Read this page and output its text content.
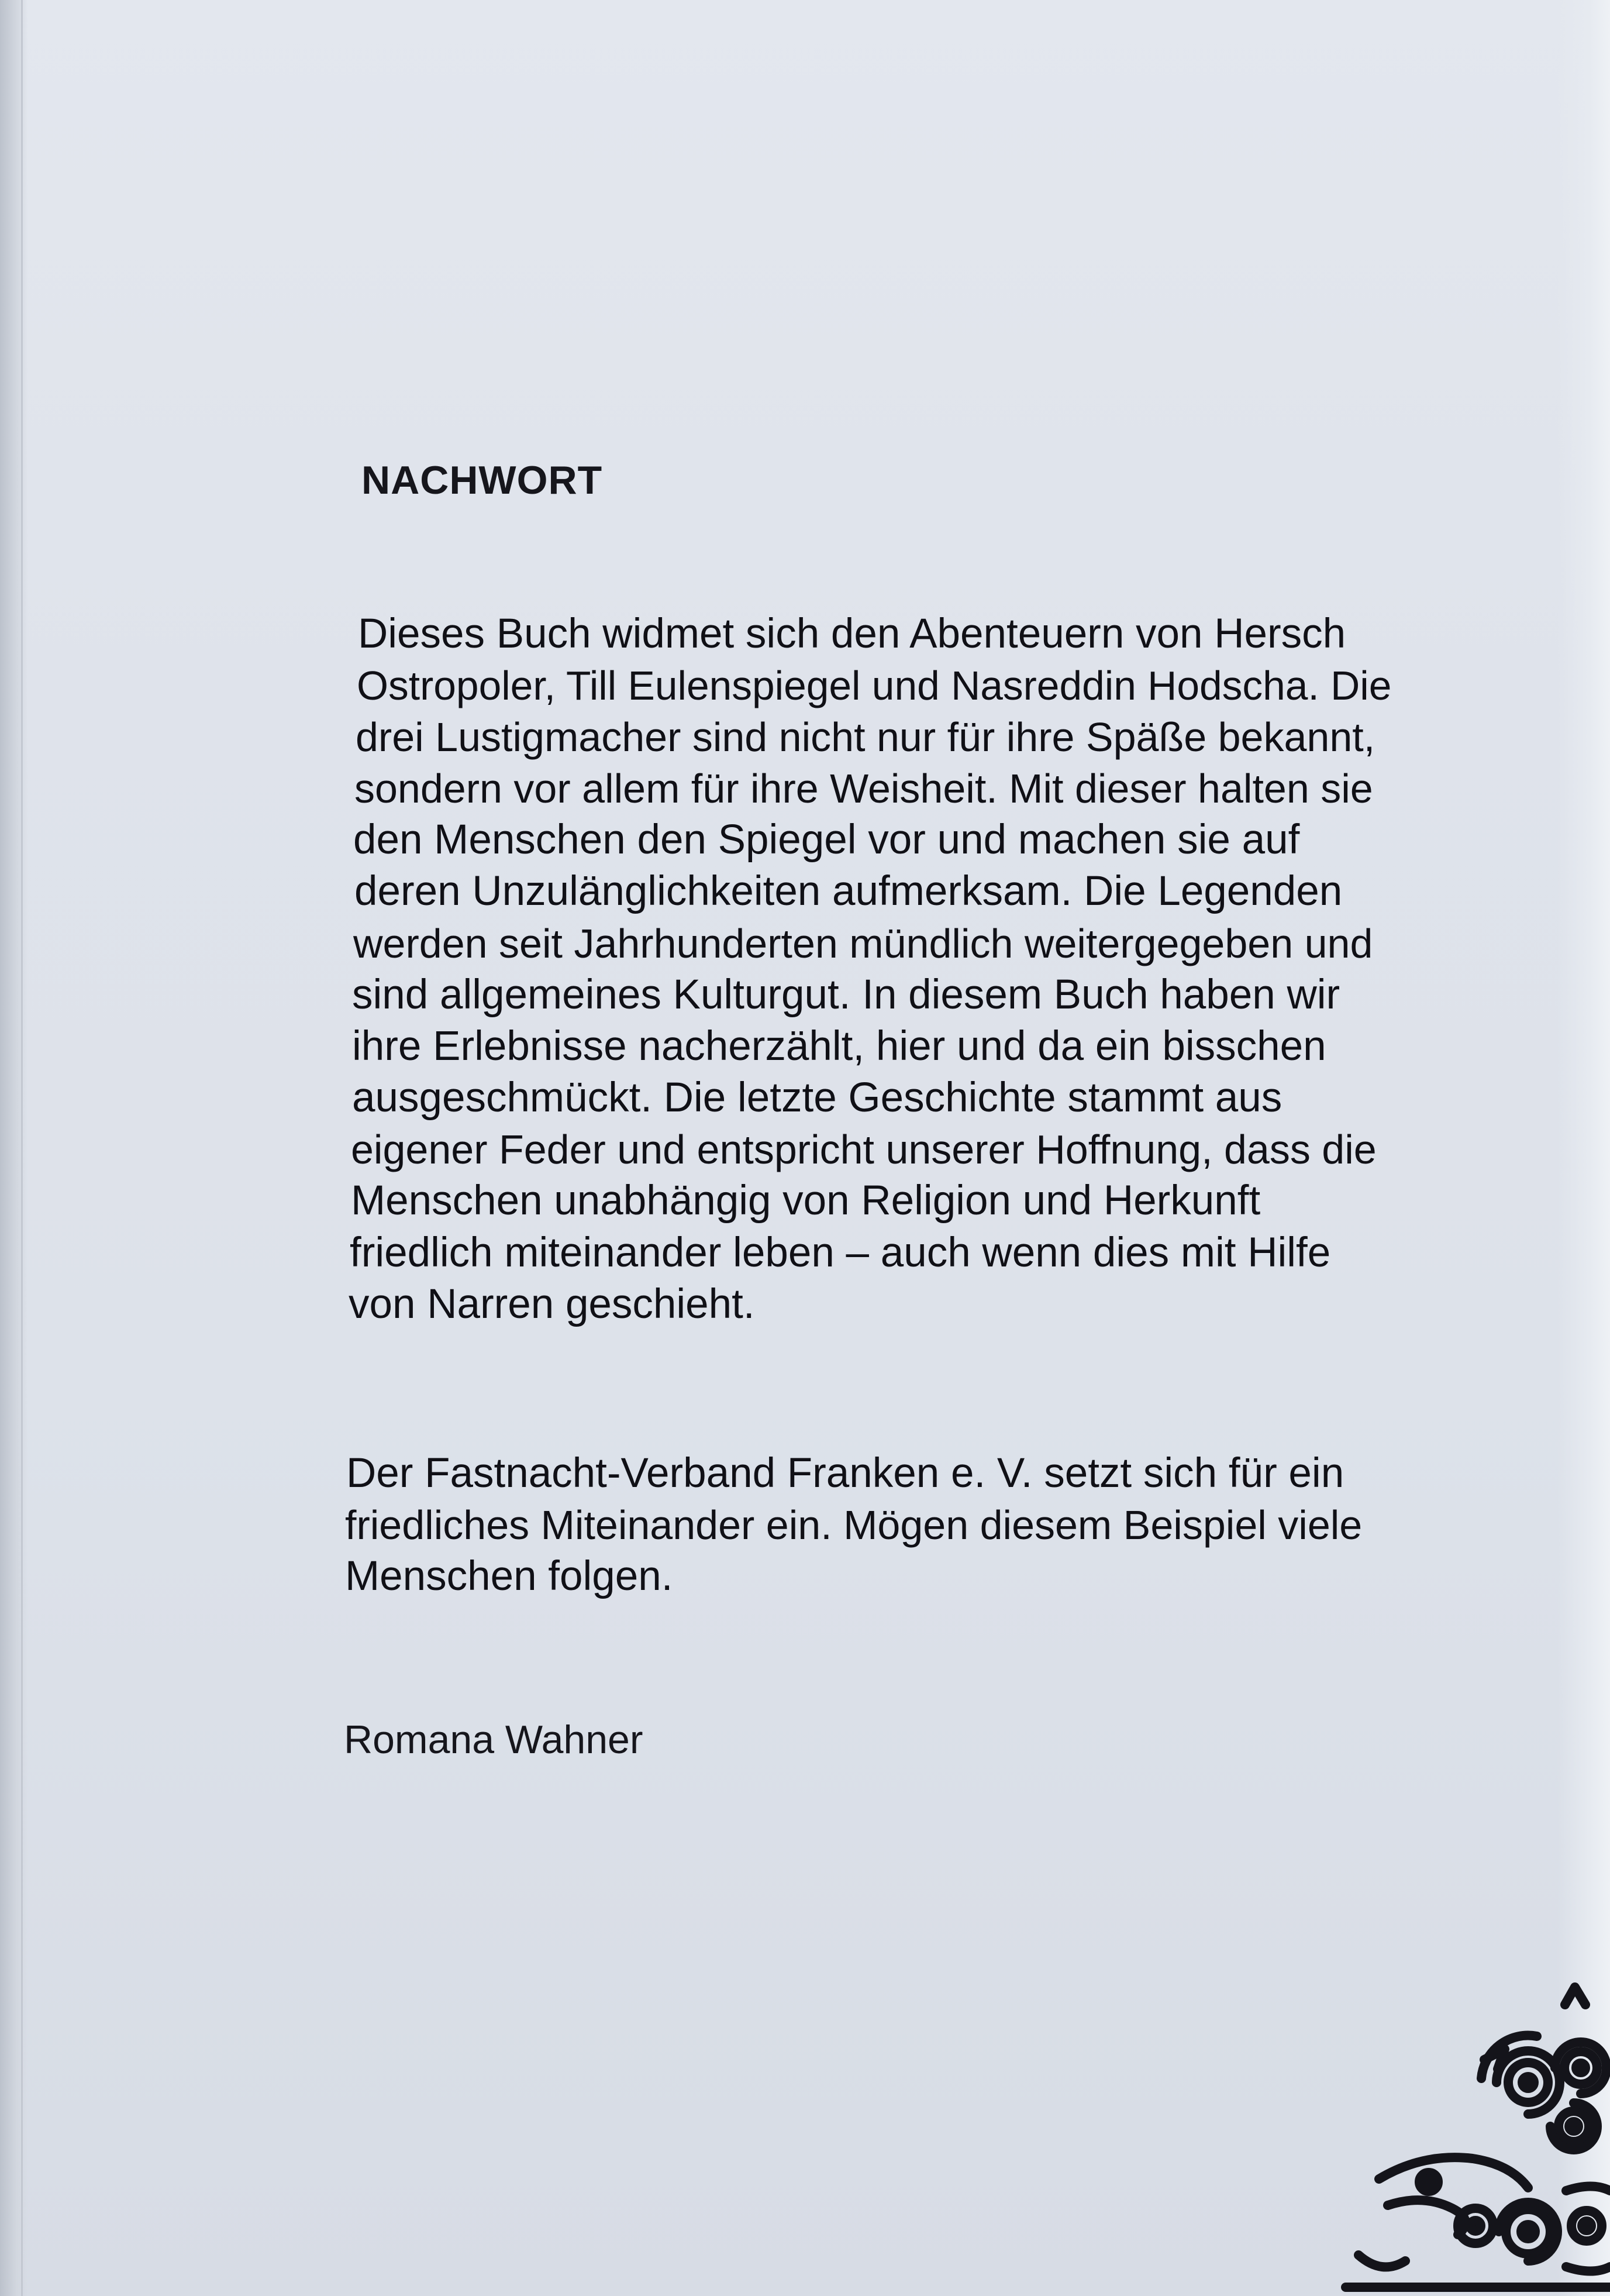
NACHWORT
Dieses Buch widmet sich den Abenteuern von Hersch
Ostropoler, Till Eulenspiegel und Nasreddin Hodscha. Die
drei Lustigmacher sind nicht nur für ihre Späße bekannt,
sondern vor allem für ihre Weisheit. Mit dieser halten sie
den Menschen den Spiegel vor und machen sie auf
deren Unzulänglichkeiten aufmerksam. Die Legenden
werden seit Jahrhunderten mündlich weitergegeben und
sind allgemeines Kulturgut. In diesem Buch haben wir
ihre Erlebnisse nacherzählt, hier und da ein bisschen
ausgeschmückt. Die letzte Geschichte stammt aus
eigener Feder und entspricht unserer Hoffnung, dass die
Menschen unabhängig von Religion und Herkunft
friedlich miteinander leben – auch wenn dies mit Hilfe
von Narren geschieht.
Der Fastnacht-Verband Franken e. V. setzt sich für ein
friedliches Miteinander ein. Mögen diesem Beispiel viele
Menschen folgen.
Romana Wahner
